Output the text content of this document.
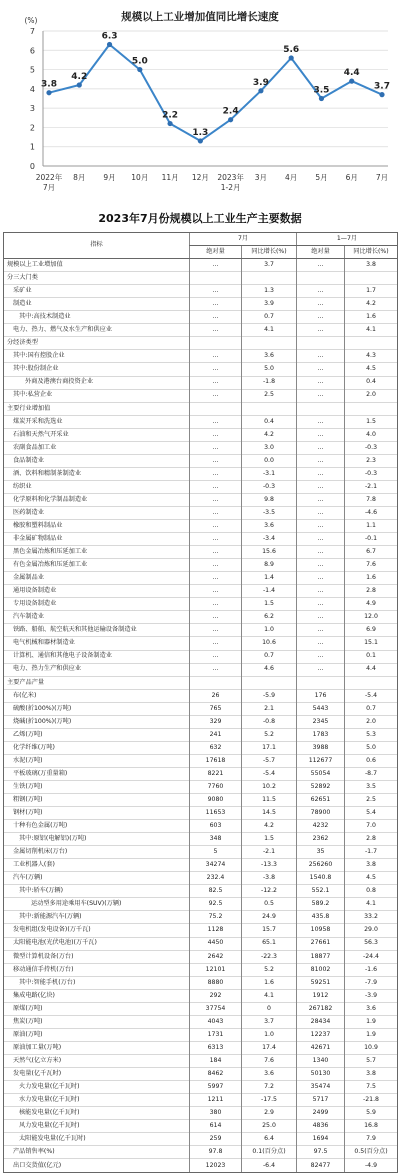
规模以上工业增加值同比增长速度
0
1
2
3
4
5
6
7
(%)
3.8
2022年
7月
4.2
8月
6.3
9月
5.0
10月
2.2
11月
1.3
12月
2.4
2023年
1-2月
3.9
3月
5.6
4月
3.5
5月
4.4
6月
3.7
7月
2023年7月份规模以上工业生产主要数据
指标	7月		1—7月	
	绝对量	同比增长(%)	绝对量	同比增长(%)
规模以上工业增加值	…	3.7	…	3.8
分三大门类				
采矿业	…	1.3	…	1.7
制造业	…	3.9	…	4.2
其中:高技术制造业	…	0.7	…	1.6
电力、热力、燃气及水生产和供应业	…	4.1	…	4.1
分经济类型				
其中:国有控股企业	…	3.6	…	4.3
其中:股份制企业	…	5.0	…	4.5
外商及港澳台商投资企业	…	-1.8	…	0.4
其中:私营企业	…	2.5	…	2.0
主要行业增加值				
煤炭开采和洗选业	…	0.4	…	1.5
石油和天然气开采业	…	4.2	…	4.0
农副食品加工业	…	3.0	…	-0.3
食品制造业	…	0.0	…	2.3
酒、饮料和精制茶制造业	…	-3.1	…	-0.3
纺织业	…	-0.3	…	-2.1
化学原料和化学制品制造业	…	9.8	…	7.8
医药制造业	…	-3.5	…	-4.6
橡胶和塑料制品业	…	3.6	…	1.1
非金属矿物制品业	…	-3.4	…	-0.1
黑色金属冶炼和压延加工业	…	15.6	…	6.7
有色金属冶炼和压延加工业	…	8.9	…	7.6
金属制品业	…	1.4	…	1.6
通用设备制造业	…	-1.4	…	2.8
专用设备制造业	…	1.5	…	4.9
汽车制造业	…	6.2	…	12.0
铁路、船舶、航空航天和其他运输设备制造业	…	1.0	…	6.9
电气机械和器材制造业	…	10.6	…	15.1
计算机、通信和其他电子设备制造业	…	0.7	…	0.1
电力、热力生产和供应业	…	4.6	…	4.4
主要产品产量				
布(亿米)	26	-5.9	176	-5.4
硫酸(折100%)(万吨)	765	2.1	5443	0.7
烧碱(折100%)(万吨)	329	-0.8	2345	2.0
乙烯(万吨)	241	5.2	1783	5.3
化学纤维(万吨)	632	17.1	3988	5.0
水泥(万吨)	17618	-5.7	112677	0.6
平板玻璃(万重量箱)	8221	-5.4	55054	-8.7
生铁(万吨)	7760	10.2	52892	3.5
粗钢(万吨)	9080	11.5	62651	2.5
钢材(万吨)	11653	14.5	78900	5.4
十种有色金属(万吨)	603	4.2	4232	7.0
其中:原铝(电解铝)(万吨)	348	1.5	2362	2.8
金属切削机床(万台)	5	-2.1	35	-1.7
工业机器人(套)	34274	-13.3	256260	3.8
汽车(万辆)	232.4	-3.8	1540.8	4.5
其中:轿车(万辆)	82.5	-12.2	552.1	0.8
运动型多用途乘用车(SUV)(万辆)	92.5	0.5	589.2	4.1
其中:新能源汽车(万辆)	75.2	24.9	435.8	33.2
发电机组(发电设备)(万千瓦)	1128	15.7	10958	29.0
太阳能电池(光伏电池)(万千瓦)	4450	65.1	27661	56.3
微型计算机设备(万台)	2642	-22.3	18877	-24.4
移动通信手持机(万台)	12101	5.2	81002	-1.6
其中:智能手机(万台)	8880	1.6	59251	-7.9
集成电路(亿块)	292	4.1	1912	-3.9
原煤(万吨)	37754	0	267182	3.6
焦炭(万吨)	4043	3.7	28434	1.9
原油(万吨)	1731	1.0	12237	1.9
原油加工量(万吨)	6313	17.4	42671	10.9
天然气(亿立方米)	184	7.6	1340	5.7
发电量(亿千瓦时)	8462	3.6	50130	3.8
火力发电量(亿千瓦时)	5997	7.2	35474	7.5
水力发电量(亿千瓦时)	1211	-17.5	5717	-21.8
核能发电量(亿千瓦时)	380	2.9	2499	5.9
风力发电量(亿千瓦时)	614	25.0	4836	16.8
太阳能发电量(亿千瓦时)	259	6.4	1694	7.9
产品销售率(%)	97.8	0.1(百分点)	97.5	0.5(百分点)
出口交货值(亿元)	12023	-6.4	82477	-4.9
